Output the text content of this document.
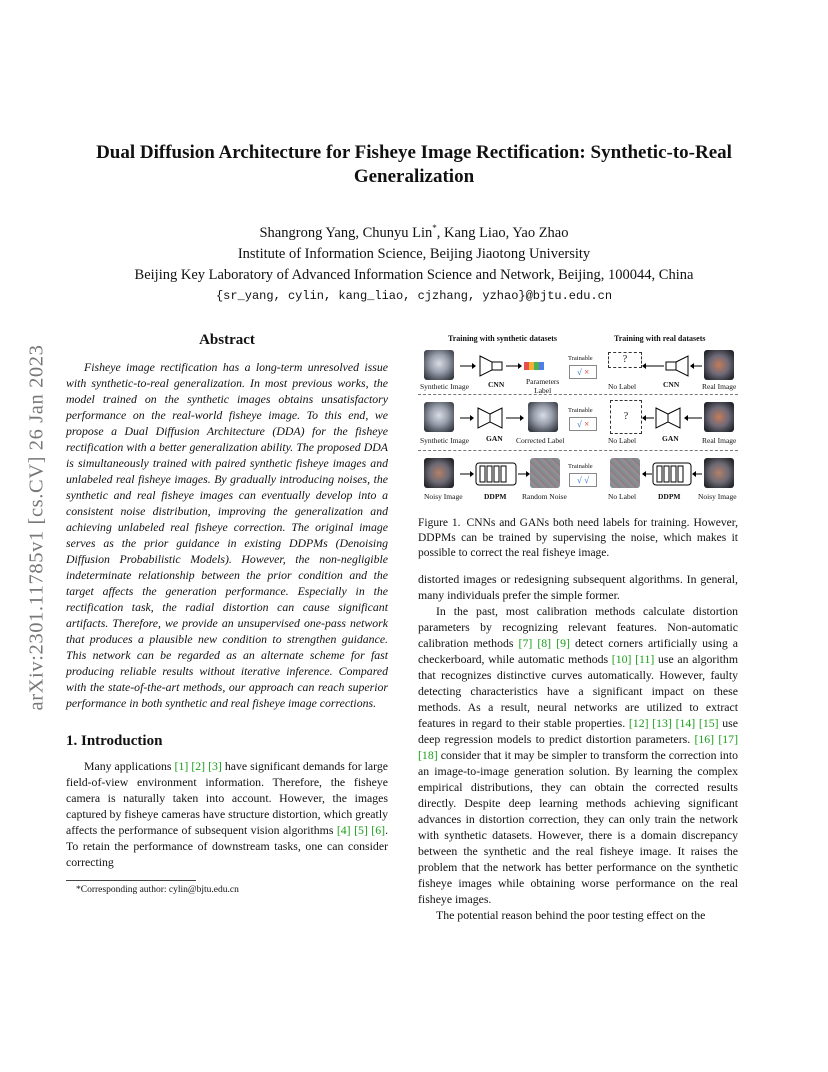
arXiv:2301.11785v1 [cs.CV] 26 Jan 2023
Dual Diffusion Architecture for Fisheye Image Rectification: Synthetic-to-Real Generalization
Shangrong Yang, Chunyu Lin*, Kang Liao, Yao Zhao
Institute of Information Science, Beijing Jiaotong University
Beijing Key Laboratory of Advanced Information Science and Network, Beijing, 100044, China
{sr_yang, cylin, kang_liao, cjzhang, yzhao}@bjtu.edu.cn
Abstract

Fisheye image rectification has a long-term unresolved issue with synthetic-to-real generalization. In most previous works, the model trained on the synthetic images obtains unsatisfactory performance on the real-world fisheye image. To this end, we propose a Dual Diffusion Architecture (DDA) for the fisheye rectification with a better generalization ability. The proposed DDA is simultaneously trained with paired synthetic fisheye images and unlabeled real fisheye images. By gradually introducing noises, the synthetic and real fisheye images can eventually develop into a consistent noise distribution, improving the generalization and achieving unlabeled real fisheye correction. The original image serves as the prior guidance in existing DDPMs (Denoising Diffusion Probabilistic Models). However, the non-negligible indeterminate relationship between the prior condition and the target affects the generation performance. Especially in the rectification task, the radial distortion can cause significant artifacts. Therefore, we provide an unsupervised one-pass network that produces a plausible new condition to strengthen guidance. This network can be regarded as an alternate scheme for fast producing reliable results without iterative inference. Compared with the state-of-the-art methods, our approach can reach superior performance in both synthetic and real fisheye image corrections.

1. Introduction

Many applications [1] [2] [3] have significant demands for large field-of-view environment information. Therefore, the fisheye camera is naturally taken into account. However, the images captured by fisheye cameras have structure distortion, which greatly affects the performance of subsequent vision algorithms [4] [5] [6]. To retain the performance of downstream tasks, one can consider correcting

*Corresponding author: cylin@bjtu.edu.cn
Training with synthetic datasets	Training with real datasets
Synthetic Image	CNN	Parameters
Label
Trainable
√ ×
?
No Label	CNN	Real Image
Synthetic Image GAN Corrected Label
Trainable
√ ×
?
No Label	GAN	Real Image
Noisy Image	DDPM Random Noise
Trainable
√ √
No Label	DDPM Noisy Image

Figure 1. CNNs and GANs both need labels for training. However, DDPMs can be trained by supervising the noise, which makes it possible to correct the real fisheye image.

distorted images or redesigning subsequent algorithms. In general, many individuals prefer the simple former.

In the past, most calibration methods calculate distortion parameters by recognizing relevant features. Non-automatic calibration methods [7] [8] [9] detect corners artificially using a checkerboard, while automatic methods [10] [11] use an algorithm that recognizes distinctive curves automatically. However, faulty detecting characteristics have a significant impact on these methods. As a result, neural networks are utilized to extract features in regard to their stable properties. [12] [13] [14] [15] use deep regression models to predict distortion parameters. [16] [17] [18] consider that it may be simpler to transform the correction into an image-to-image generation solution. By learning the complex empirical distributions, they can obtain the corrected results directly. Despite deep learning methods achieving significant advances in distortion correction, they can only train the network with synthetic datasets. However, there is a domain discrepancy between the synthetic and the real fisheye image. It raises the problem that the network has better performance on the synthetic fisheye images while obtaining worse performance on the real fisheye images.

The potential reason behind the poor testing effect on the
